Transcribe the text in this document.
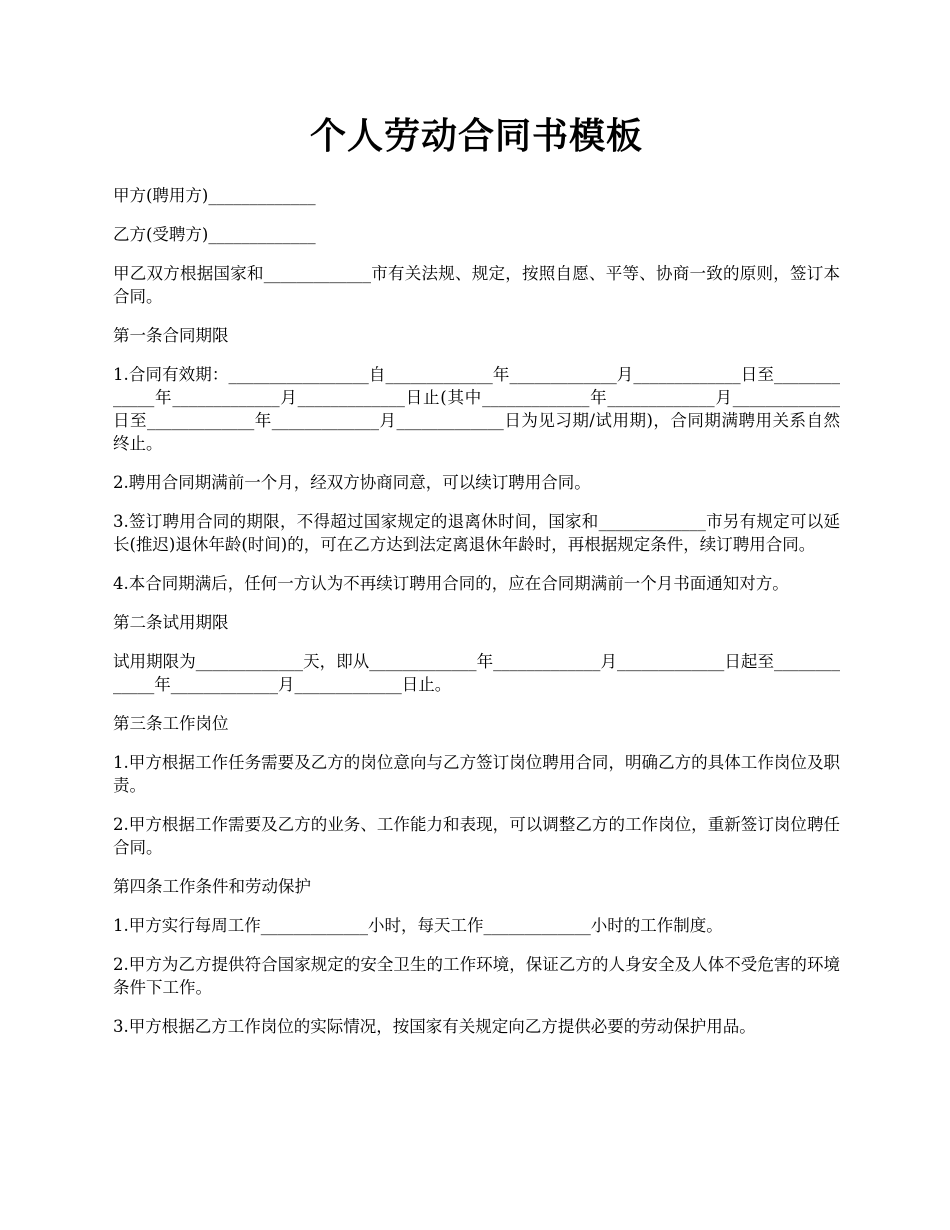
个人劳动合同书模板

甲方(聘用方)_____________

乙方(受聘方)_____________

甲乙双方根据国家和_____________市有关法规、规定，按照自愿、平等、协商一致的原则，签订本合同。

第一条合同期限

1.合同有效期：_________________自_____________年_____________月_____________日至_____________年_____________月_____________日止(其中_____________年_____________月_____________日至_____________年_____________月_____________日为见习期/试用期)，合同期满聘用关系自然终止。

2.聘用合同期满前一个月，经双方协商同意，可以续订聘用合同。

3.签订聘用合同的期限，不得超过国家规定的退离休时间，国家和_____________市另有规定可以延长(推迟)退休年龄(时间)的，可在乙方达到法定离退休年龄时，再根据规定条件，续订聘用合同。

4.本合同期满后，任何一方认为不再续订聘用合同的，应在合同期满前一个月书面通知对方。

第二条试用期限

试用期限为_____________天，即从_____________年_____________月_____________日起至_____________年_____________月_____________日止。

第三条工作岗位

1.甲方根据工作任务需要及乙方的岗位意向与乙方签订岗位聘用合同，明确乙方的具体工作岗位及职责。

2.甲方根据工作需要及乙方的业务、工作能力和表现，可以调整乙方的工作岗位，重新签订岗位聘任合同。

第四条工作条件和劳动保护

1.甲方实行每周工作_____________小时，每天工作_____________小时的工作制度。

2.甲方为乙方提供符合国家规定的安全卫生的工作环境，保证乙方的人身安全及人体不受危害的环境条件下工作。

3.甲方根据乙方工作岗位的实际情况，按国家有关规定向乙方提供必要的劳动保护用品。
